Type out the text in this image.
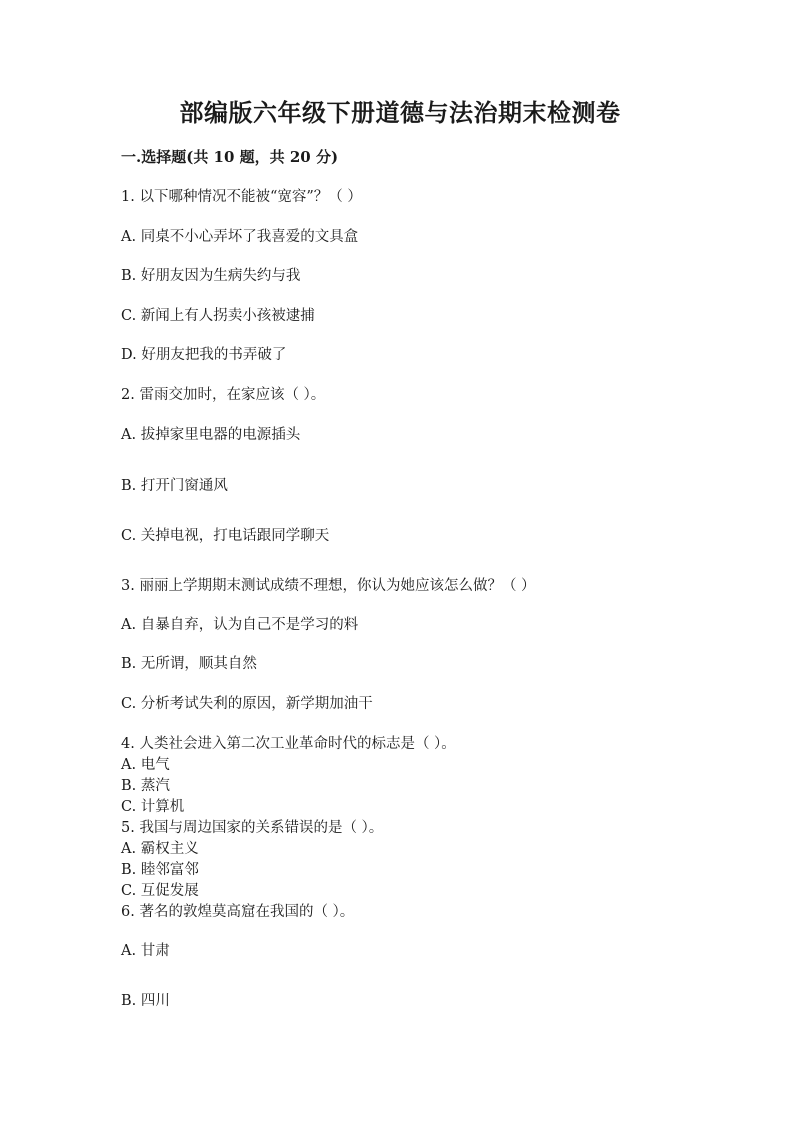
部编版六年级下册道德与法治期末检测卷
一.选择题(共 10 题，共 20 分)
1. 以下哪种情况不能被“宽容”？（ ）
A. 同桌不小心弄坏了我喜爱的文具盒
B. 好朋友因为生病失约与我
C. 新闻上有人拐卖小孩被逮捕
D. 好朋友把我的书弄破了
2. 雷雨交加时，在家应该（ ）。
A. 拔掉家里电器的电源插头
B. 打开门窗通风
C. 关掉电视，打电话跟同学聊天
3. 丽丽上学期期末测试成绩不理想，你认为她应该怎么做？（ ）
A. 自暴自弃，认为自己不是学习的料
B. 无所谓，顺其自然
C. 分析考试失利的原因，新学期加油干
4. 人类社会进入第二次工业革命时代的标志是（ ）。
A. 电气
B. 蒸汽
C. 计算机
5. 我国与周边国家的关系错误的是（ ）。
A. 霸权主义
B. 睦邻富邻
C. 互促发展
6. 著名的敦煌莫高窟在我国的（ ）。
A. 甘肃
B. 四川
